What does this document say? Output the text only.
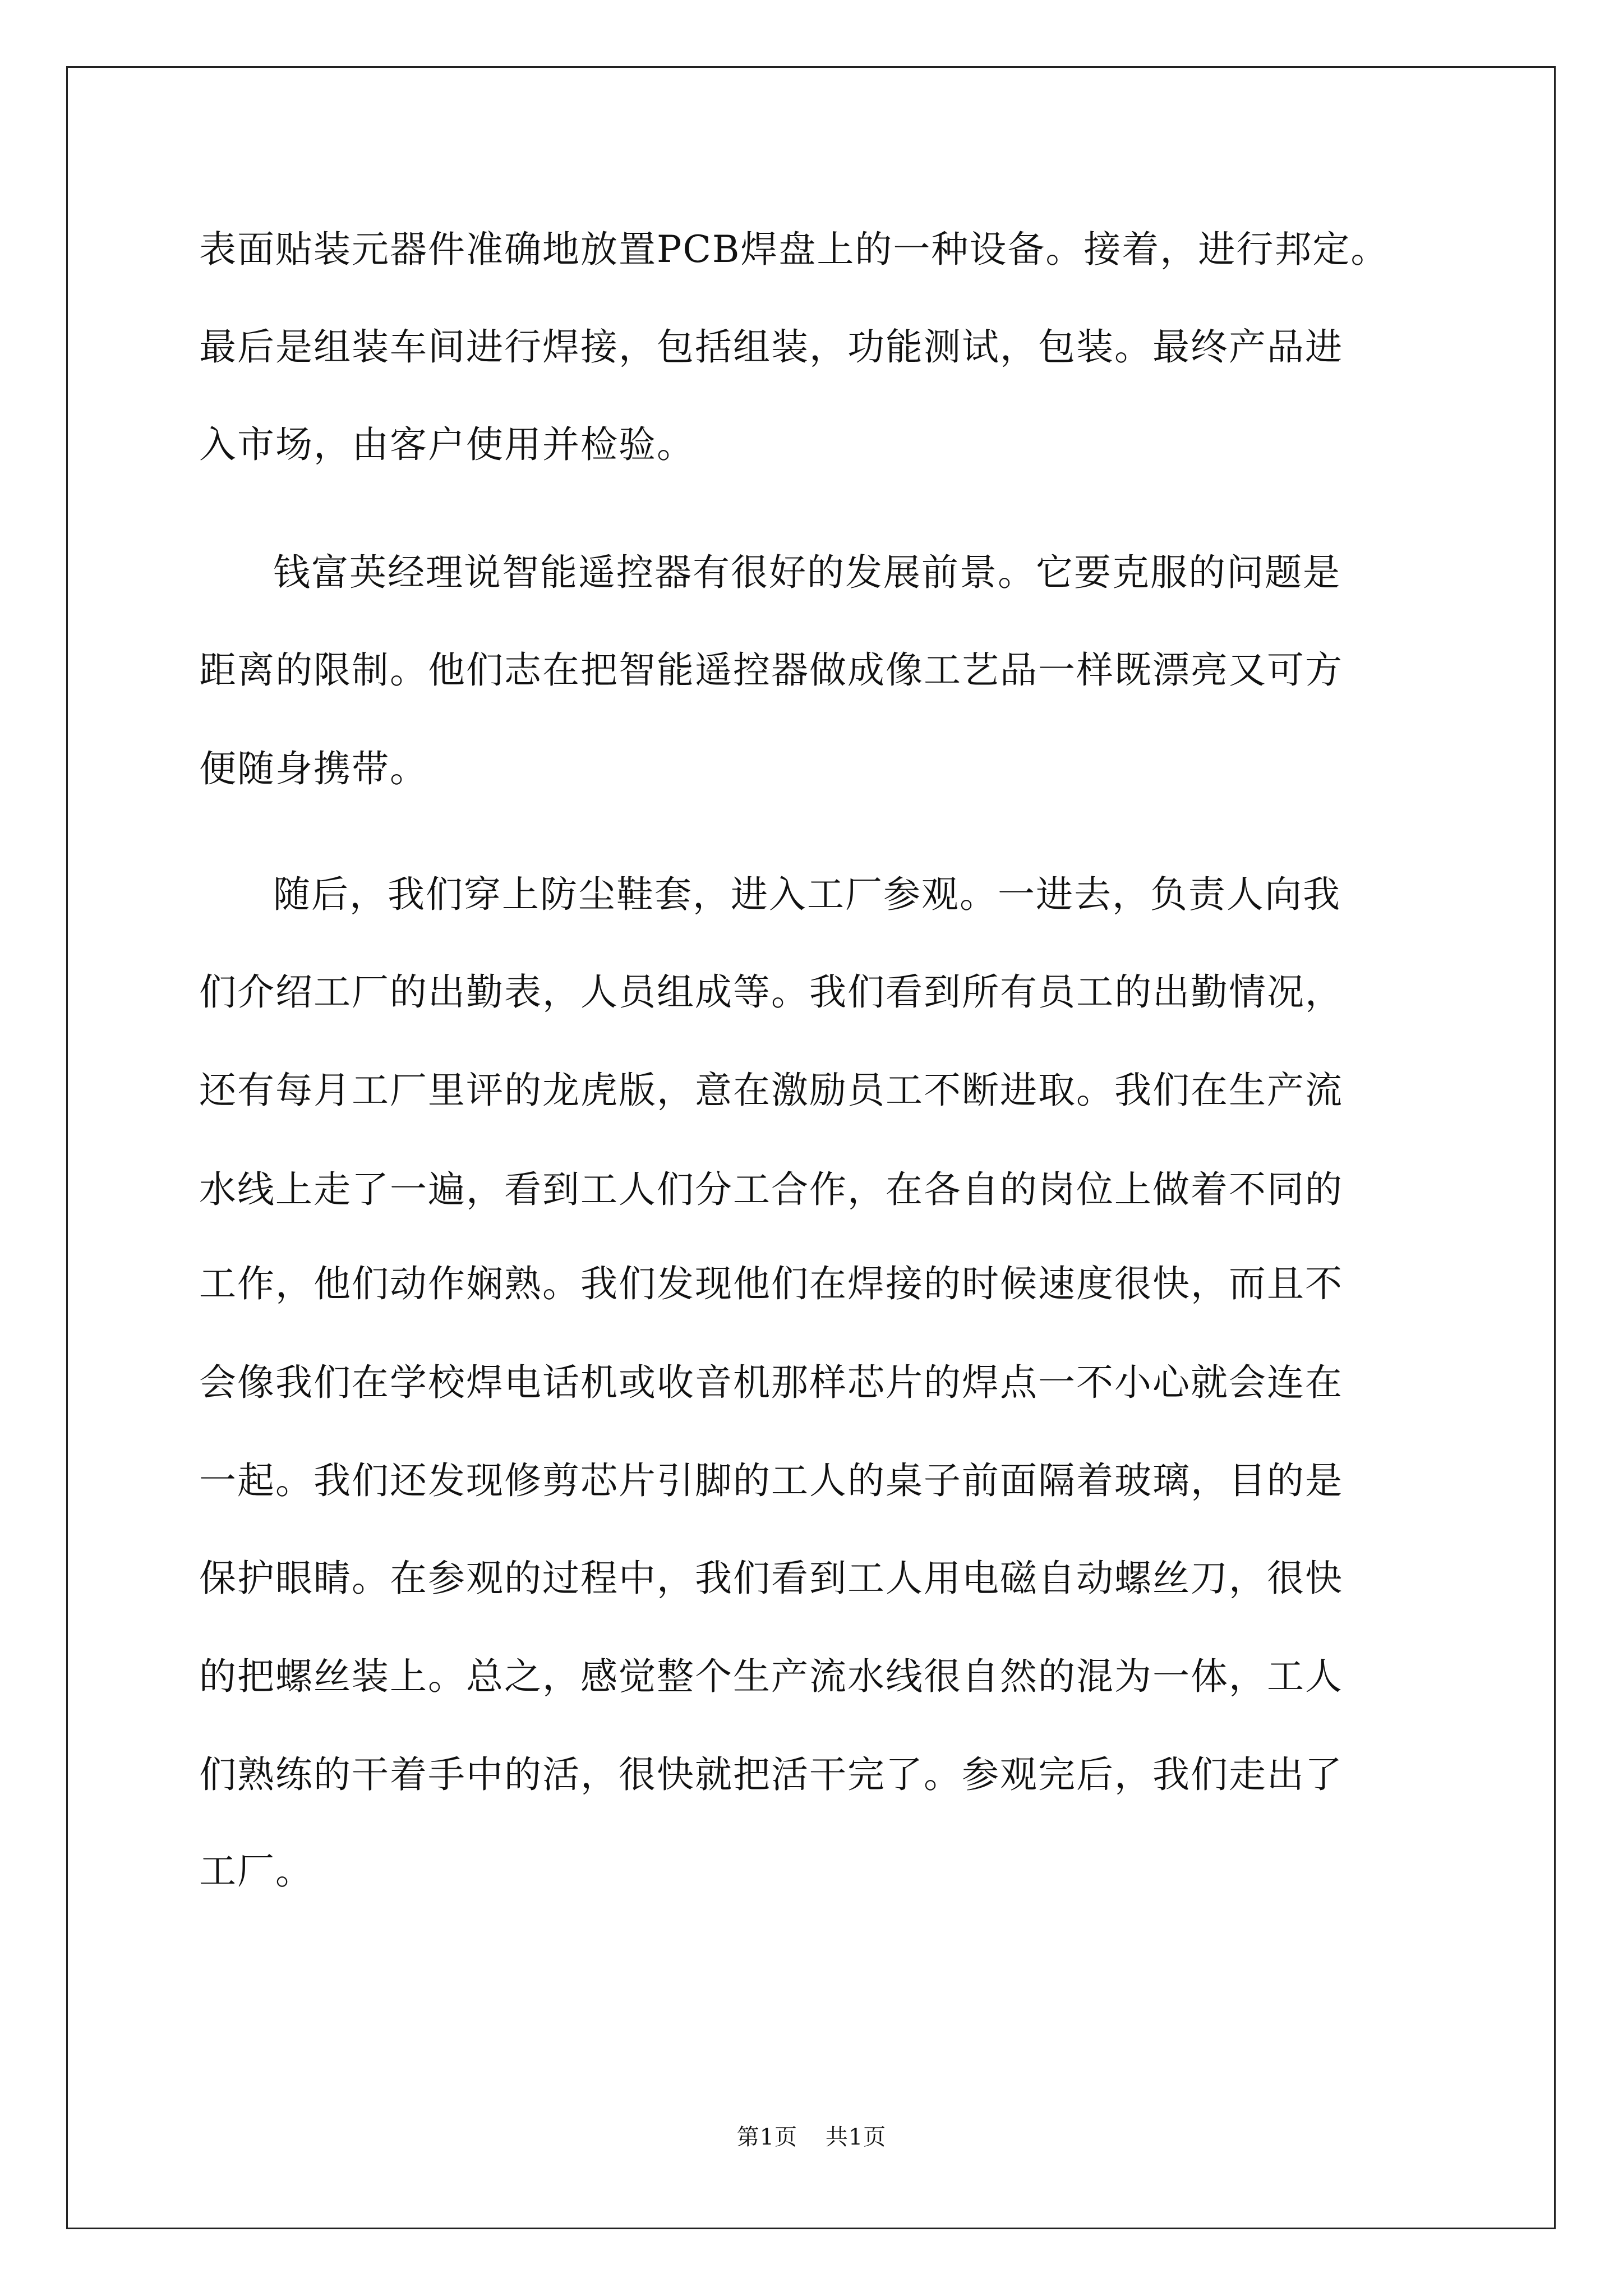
表面贴装元器件准确地放置PCB焊盘上的一种设备。接着，进行邦定。
最后是组装车间进行焊接，包括组装，功能测试，包装。最终产品进
入市场，由客户使用并检验。
钱富英经理说智能遥控器有很好的发展前景。它要克服的问题是
距离的限制。他们志在把智能遥控器做成像工艺品一样既漂亮又可方
便随身携带。
随后，我们穿上防尘鞋套，进入工厂参观。一进去，负责人向我
们介绍工厂的出勤表，人员组成等。我们看到所有员工的出勤情况，
还有每月工厂里评的龙虎版，意在激励员工不断进取。我们在生产流
水线上走了一遍，看到工人们分工合作，在各自的岗位上做着不同的
工作，他们动作娴熟。我们发现他们在焊接的时候速度很快，而且不
会像我们在学校焊电话机或收音机那样芯片的焊点一不小心就会连在
一起。我们还发现修剪芯片引脚的工人的桌子前面隔着玻璃，目的是
保护眼睛。在参观的过程中，我们看到工人用电磁自动螺丝刀，很快
的把螺丝装上。总之，感觉整个生产流水线很自然的混为一体，工人
们熟练的干着手中的活，很快就把活干完了。参观完后，我们走出了
工厂。
第1页 共1页
